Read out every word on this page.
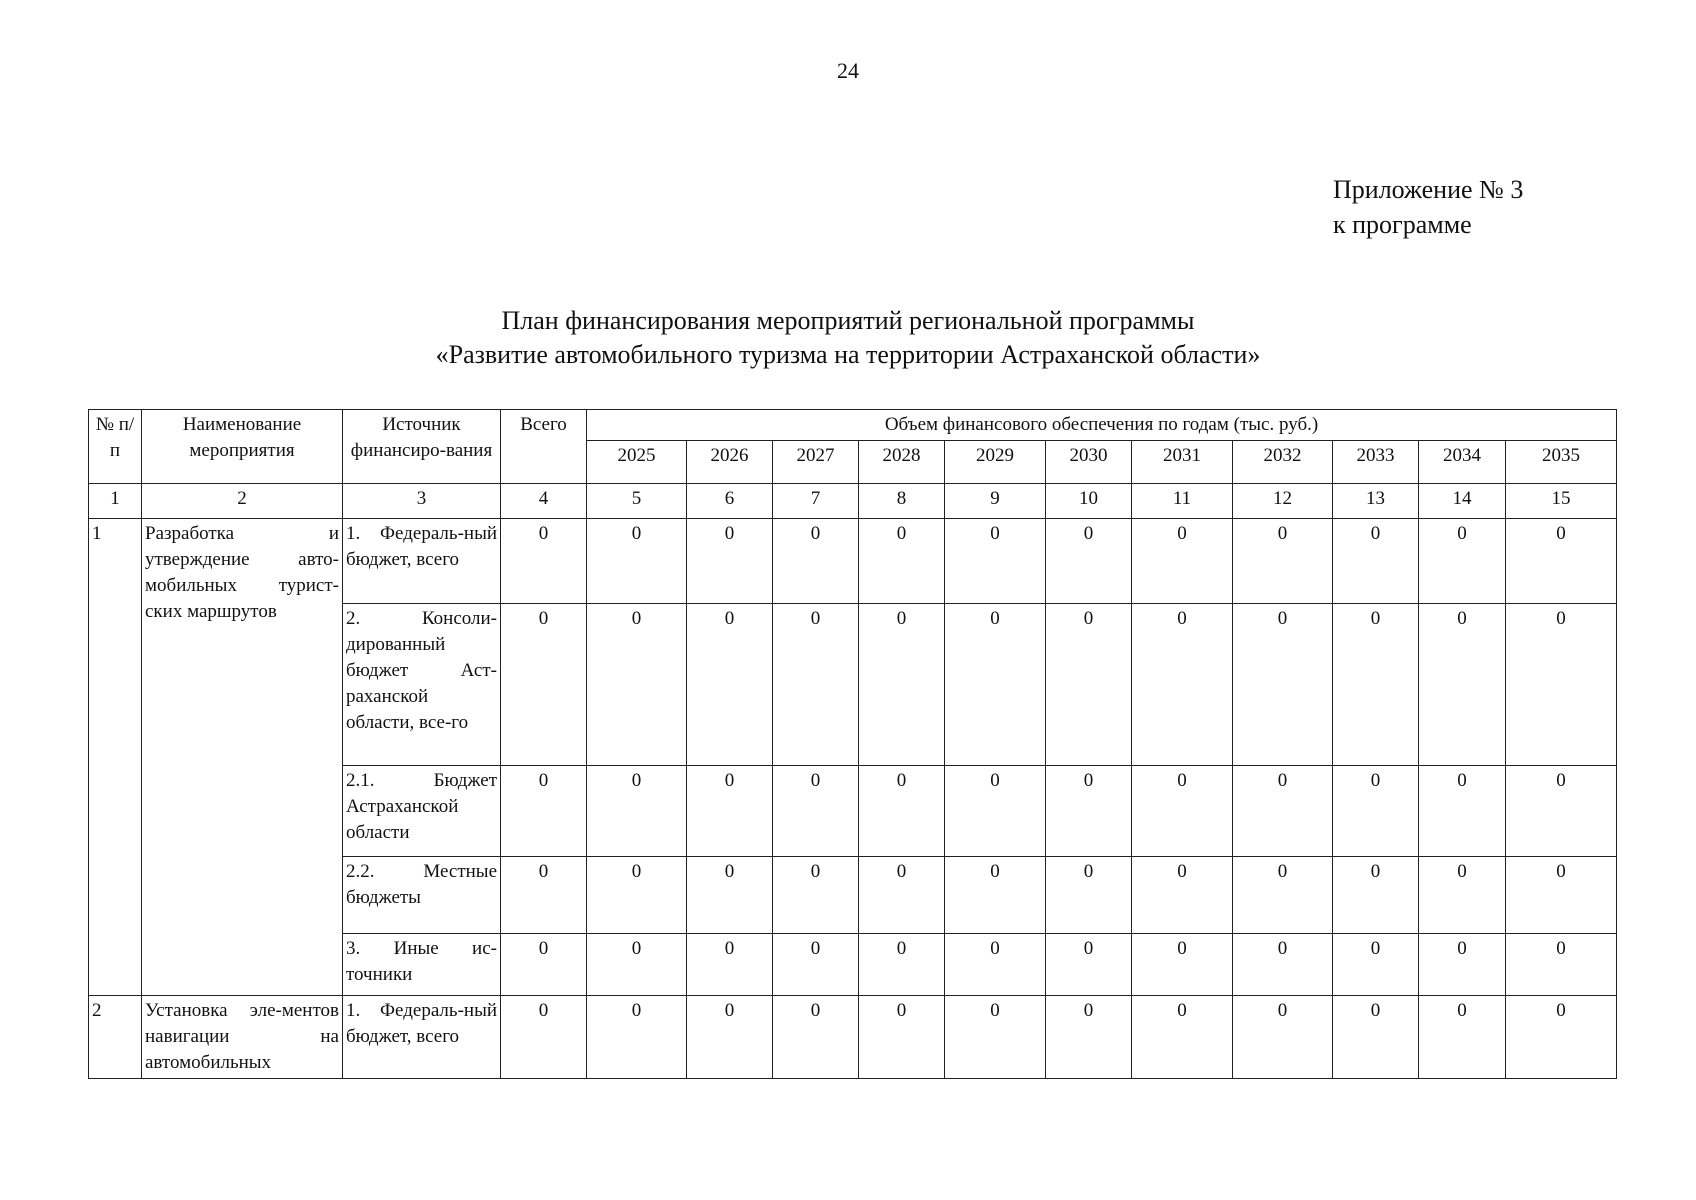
24
Приложение № 3
к программе
План финансирования мероприятий региональной программы
«Развитие автомобильного туризма на территории Астраханской области»
№ п/п	Наименование мероприятия	Источник финансиро-вания	Всего	Объем финансового обеспечения по годам (тыс. руб.)										
				2025	2026	2027	2028	2029	2030	2031	2032	2033	2034	2035
1	2	3	4	5	6	7	8	9	10	11	12	13	14	15
1	Разработка и утверждение авто-мобильных турист-ских маршрутов	1. Федераль-ный бюджет, всего	0	0	0	0	0	0	0	0	0	0	0	0
		2. Консоли-дированный бюджет Аст-раханской области, все-го	0	0	0	0	0	0	0	0	0	0	0	0
		2.1. Бюджет Астраханской области	0	0	0	0	0	0	0	0	0	0	0	0
		2.2. Местные бюджеты	0	0	0	0	0	0	0	0	0	0	0	0
		3. Иные ис-точники	0	0	0	0	0	0	0	0	0	0	0	0
2	Установка эле-ментов навигации на автомобильных	1. Федераль-ный бюджет, всего	0	0	0	0	0	0	0	0	0	0	0	0
